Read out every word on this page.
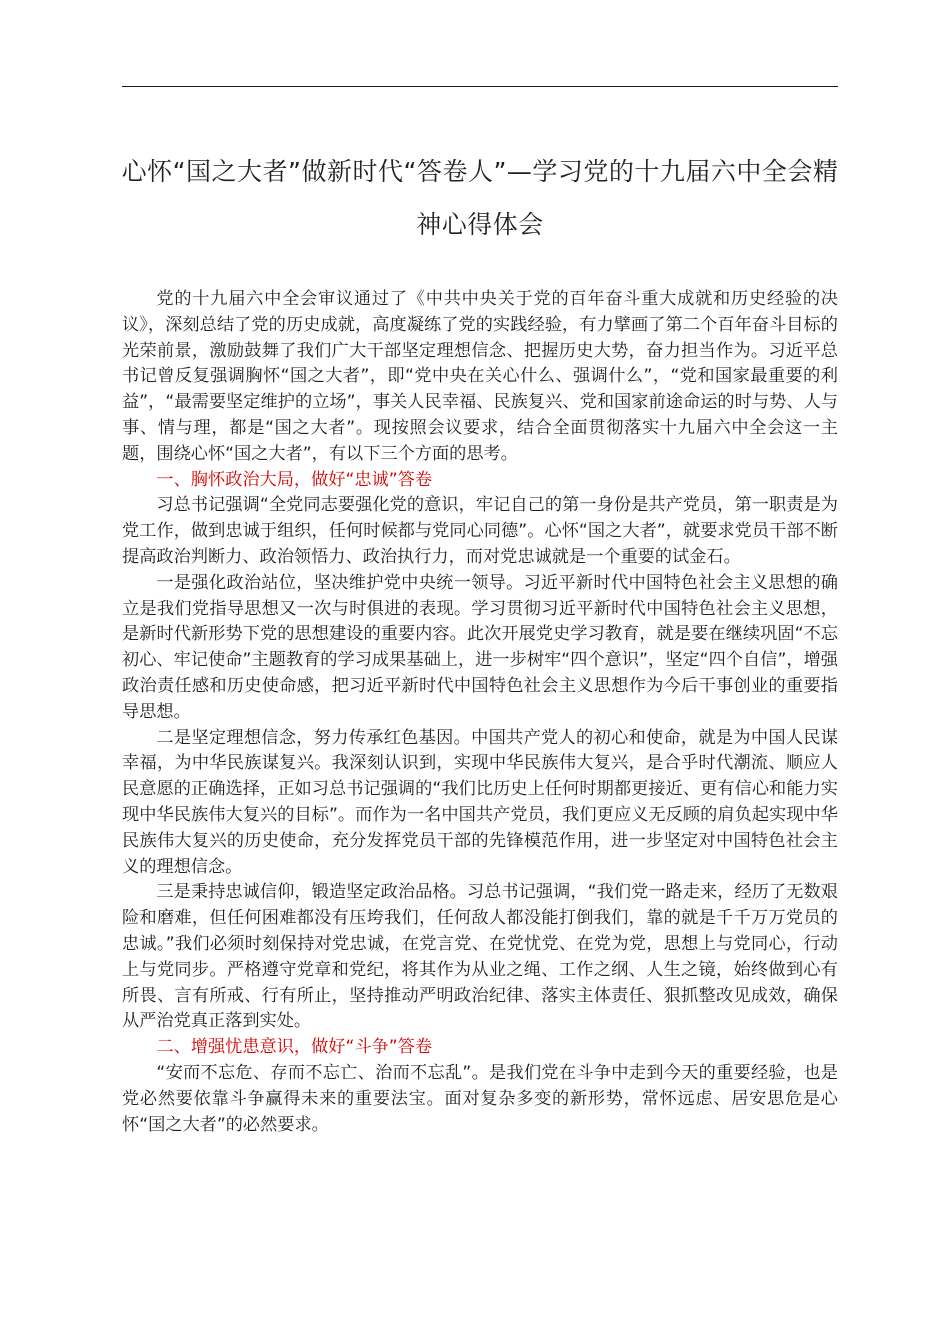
心怀“国之大者”做新时代“答卷人”—学习党的十九届六中全会精神心得体会

党的十九届六中全会审议通过了《中共中央关于党的百年奋斗重大成就和历史经验的决议》，深刻总结了党的历史成就，高度凝练了党的实践经验，有力擘画了第二个百年奋斗目标的光荣前景，激励鼓舞了我们广大干部坚定理想信念、把握历史大势，奋力担当作为。习近平总书记曾反复强调胸怀“国之大者”，即“党中央在关心什么、强调什么”，“党和国家最重要的利益”，“最需要坚定维护的立场”，事关人民幸福、民族复兴、党和国家前途命运的时与势、人与事、情与理，都是“国之大者”。现按照会议要求，结合全面贯彻落实十九届六中全会这一主题，围绕心怀“国之大者”，有以下三个方面的思考。

一、胸怀政治大局，做好“忠诚”答卷

习总书记强调“全党同志要强化党的意识，牢记自己的第一身份是共产党员，第一职责是为党工作，做到忠诚于组织，任何时候都与党同心同德”。心怀“国之大者”，就要求党员干部不断提高政治判断力、政治领悟力、政治执行力，而对党忠诚就是一个重要的试金石。

一是强化政治站位，坚决维护党中央统一领导。习近平新时代中国特色社会主义思想的确立是我们党指导思想又一次与时俱进的表现。学习贯彻习近平新时代中国特色社会主义思想，是新时代新形势下党的思想建设的重要内容。此次开展党史学习教育，就是要在继续巩固“不忘初心、牢记使命”主题教育的学习成果基础上，进一步树牢“四个意识”，坚定“四个自信”，增强政治责任感和历史使命感，把习近平新时代中国特色社会主义思想作为今后干事创业的重要指导思想。

二是坚定理想信念，努力传承红色基因。中国共产党人的初心和使命，就是为中国人民谋幸福，为中华民族谋复兴。我深刻认识到，实现中华民族伟大复兴，是合乎时代潮流、顺应人民意愿的正确选择，正如习总书记强调的“我们比历史上任何时期都更接近、更有信心和能力实现中华民族伟大复兴的目标”。而作为一名中国共产党员，我们更应义无反顾的肩负起实现中华民族伟大复兴的历史使命，充分发挥党员干部的先锋模范作用，进一步坚定对中国特色社会主义的理想信念。

三是秉持忠诚信仰，锻造坚定政治品格。习总书记强调，“我们党一路走来，经历了无数艰险和磨难，但任何困难都没有压垮我们，任何敌人都没能打倒我们，靠的就是千千万万党员的忠诚。”我们必须时刻保持对党忠诚，在党言党、在党忧党、在党为党，思想上与党同心，行动上与党同步。严格遵守党章和党纪，将其作为从业之绳、工作之纲、人生之镜，始终做到心有所畏、言有所戒、行有所止，坚持推动严明政治纪律、落实主体责任、狠抓整改见成效，确保从严治党真正落到实处。

二、增强忧患意识，做好“斗争”答卷

“安而不忘危、存而不忘亡、治而不忘乱”。是我们党在斗争中走到今天的重要经验，也是党必然要依靠斗争赢得未来的重要法宝。面对复杂多变的新形势，常怀远虑、居安思危是心怀“国之大者”的必然要求。
